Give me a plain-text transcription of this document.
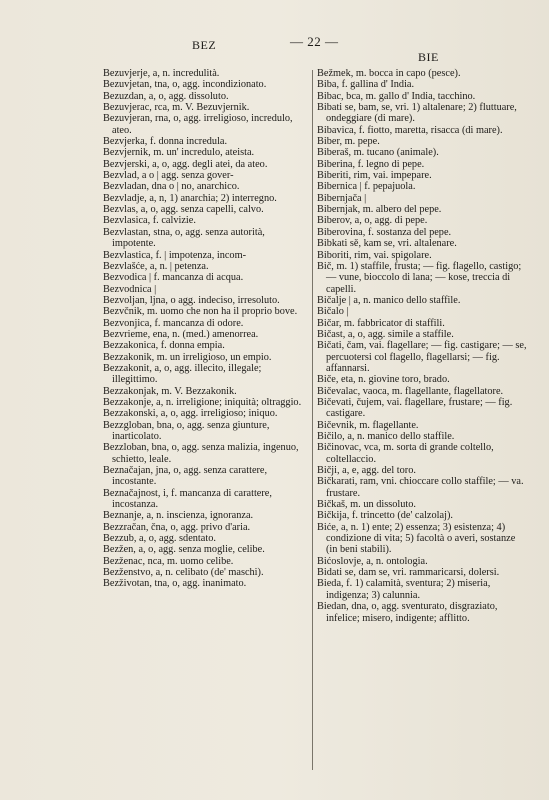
BEZ	— 22 —
BIE

Bezuvjerje, a, n. incredulità.

Bezuvjetan, tna, o, agg. incondizionato.

Bezuzdan, a, o, agg. dissoluto.

Bezuvjerac, rca, m. V. Bezuvjernik.

Bezuvjeran, rna, o, agg. irreligioso, incredulo, ateo.

Bezvjerka, f. donna incredula.

Bezvjernik, m. un' incredulo, ateista.

Bezvjerski, a, o, agg. degli atei, da ateo.

Bezvlad, a o | agg. senza gover-

Bezvladan, dna o | no, anarchico.

Bezvladje, a, n, 1) anarchia; 2) interregno.

Bezvlas, a, o, agg. senza capelli, calvo.

Bezvlasica, f. calvizie.

Bezvlastan, stna, o, agg. senza autorità, impotente.

Bezvlastica, f. | impotenza, incom-

Bezvlašće, a, n. | petenza.

Bezvodica | f. mancanza di acqua.

Bezvodnica |

Bezvoljan, ljna, o agg. indeciso, irresoluto.

Bezvčnik, m. uomo che non ha il proprio bove.

Bezvonjica, f. mancanza di odore.

Bezvrieme, ena, n. (med.) amenorrea.

Bezzakonica, f. donna empia.

Bezzakonik, m. un irreligioso, un empio.

Bezzakonit, a, o, agg. illecito, illegale; illegittimo.

Bezzakonjak, m. V. Bezzakonik.

Bezzakonje, a, n. irreligione; iniquità; oltraggio.

Bezzakonski, a, o, agg. irreligioso; iniquo.

Bezzgloban, bna, o, agg. senza giunture, inarticolato.

Bezzloban, bna, o, agg. senza malizia, ingenuo, schietto, leale.

Beznačajan, jna, o, agg. senza carattere, incostante.

Beznačajnost, i, f. mancanza di carattere, incostanza.

Beznanje, a, n. inscienza, ignoranza.

Bezzračan, čna, o, agg. privo d'aria.

Bezzub, a, o, agg. sdentato.

Bezžen, a, o, agg. senza moglie, celibe.

Bezženac, nca, m. uomo celibe.

Bezženstvo, a, n. celibato (de' maschi).

Bezživotan, tna, o, agg. inanimato.

Bežmek, m. bocca in capo (pesce).

Biba, f. gallina d' India.

Bibac, bca, m. gallo d' India, tacchino.

Bibati se, bam, se, vri. 1) altalenare; 2) fluttuare, ondeggiare (di mare).

Bibavica, f. fiotto, maretta, risacca (di mare).

Biber, m. pepe.

Biberaš, m. tucano (animale).

Biberina, f. legno di pepe.

Biberiti, rim, vai. impepare.

Bibernica | f. pepajuola.

Bibernjača |

Bibernjak, m. albero del pepe.

Biberov, a, o, agg. di pepe.

Biberovina, f. sostanza del pepe.

Bibkati sě, kam se, vri. altalenare.

Biboriti, rim, vai. spigolare.

Bič, m. 1) staffile, frusta; — fig. flagello, castigo; — vune, bioccolo di lana; — kose, treccia di capelli.

Bičalje | a, n. manico dello staffile.

Bičalo |

Bičar, m. fabbricator di staffili.

Bičast, a, o, agg. simile a staffile.

Bičati, čam, vai. flagellare; — fig. castigare; — se, percuotersi col flagello, flagellarsi; — fig. affannarsi.

Biče, eta, n. giovine toro, brado.

Bičevalac, vaoca, m. flagellante, flagellatore.

Bičevati, čujem, vai. flagellare, frustare; — fig. castigare.

Bičevnik, m. flagellante.

Bičilo, a, n. manico dello staffile.

Bičinovac, vca, m. sorta di grande coltello, coltellaccio.

Bičji, a, e, agg. del toro.

Bičkarati, ram, vni. chioccare collo staffile; — va. frustare.

Bičkaš, m. un dissoluto.

Bičkija, f. trincetto (de' calzolaj).

Biće, a, n. 1) ente; 2) essenza; 3) esistenza; 4) condizione di vita; 5) facoltà o averi, sostanze (in beni stabili).

Bićoslovje, a, n. ontologia.

Bidati se, dam se, vri. rammaricarsi, dolersi.

Bieda, f. 1) calamità, sventura; 2) miseria, indigenza; 3) calunnia.

Biedan, dna, o, agg. sventurato, disgraziato, infelice; misero, indigente; afflitto.
